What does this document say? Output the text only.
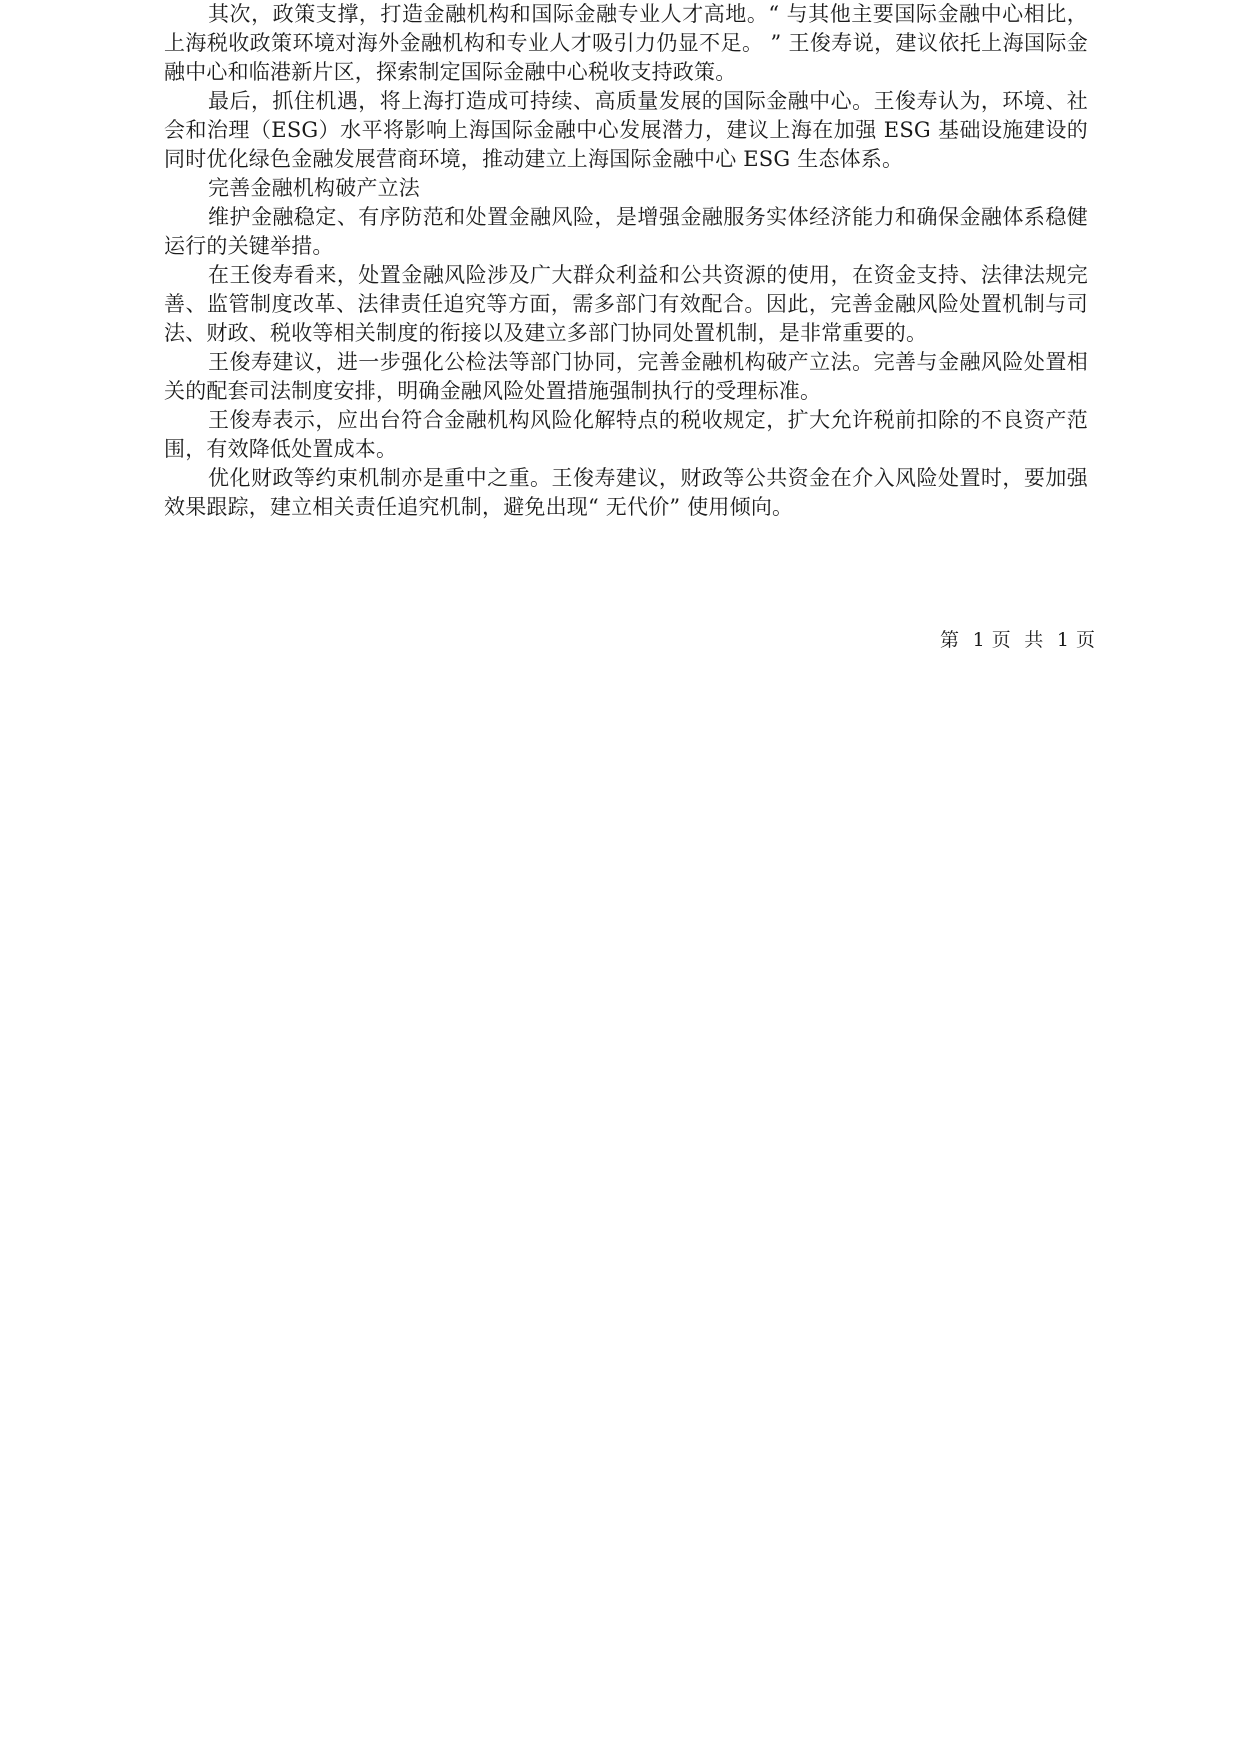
其次，政策支撑，打造金融机构和国际金融专业人才高地。“ 与其他主要国际金融中心相比，上海税收政策环境对海外金融机构和专业人才吸引力仍显不足。 ” 王俊寿说，建议依托上海国际金融中心和临港新片区，探索制定国际金融中心税收支持政策。

最后，抓住机遇，将上海打造成可持续、高质量发展的国际金融中心。王俊寿认为，环境、社会和治理（ESG）水平将影响上海国际金融中心发展潜力，建议上海在加强 ESG 基础设施建设的同时优化绿色金融发展营商环境，推动建立上海国际金融中心 ESG 生态体系。

完善金融机构破产立法

维护金融稳定、有序防范和处置金融风险，是增强金融服务实体经济能力和确保金融体系稳健运行的关键举措。

在王俊寿看来，处置金融风险涉及广大群众利益和公共资源的使用，在资金支持、法律法规完善、监管制度改革、法律责任追究等方面，需多部门有效配合。因此，完善金融风险处置机制与司法、财政、税收等相关制度的衔接以及建立多部门协同处置机制，是非常重要的。

王俊寿建议，进一步强化公检法等部门协同，完善金融机构破产立法。完善与金融风险处置相关的配套司法制度安排，明确金融风险处置措施强制执行的受理标准。

王俊寿表示，应出台符合金融机构风险化解特点的税收规定，扩大允许税前扣除的不良资产范围，有效降低处置成本。

优化财政等约束机制亦是重中之重。王俊寿建议，财政等公共资金在介入风险处置时，要加强效果跟踪，建立相关责任追究机制，避免出现“ 无代价” 使用倾向。

第  1 页  共  1 页
